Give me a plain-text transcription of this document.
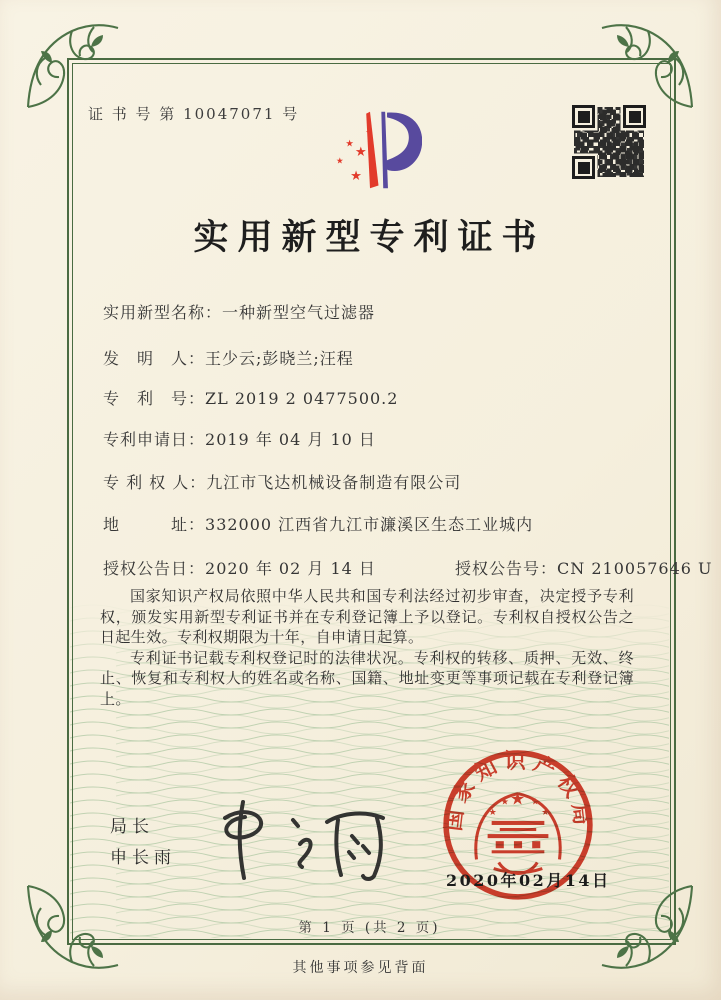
证 书 号 第 10047071 号
★
★
★
★
★
实用新型专利证书
实用新型名称：一种新型空气过滤器
发　明　人：王少云;彭晓兰;汪程
专　利　号：ZL 2019 2 0477500.2
专利申请日：2019 年 04 月 10 日
专 利 权 人：九江市飞达机械设备制造有限公司
地　　　址：332000 江西省九江市濂溪区生态工业城内
授权公告日：2020 年 02 月 14 日	授权公告号：CN 210057646 U

国家知识产权局依照中华人民共和国专利法经过初步审查，决定授予专利权，颁发实用新型专利证书并在专利登记簿上予以登记。专利权自授权公告之日起生效。专利权期限为十年，自申请日起算。

专利证书记载专利权登记时的法律状况。专利权的转移、质押、无效、终止、恢复和专利权人的姓名或名称、国籍、地址变更等事项记载在专利登记簿上。

局长
申长雨
国家知识产权局
★
★
★ ★
★
2020年02月14日
第 1 页 (共 2 页)
其他事项参见背面
